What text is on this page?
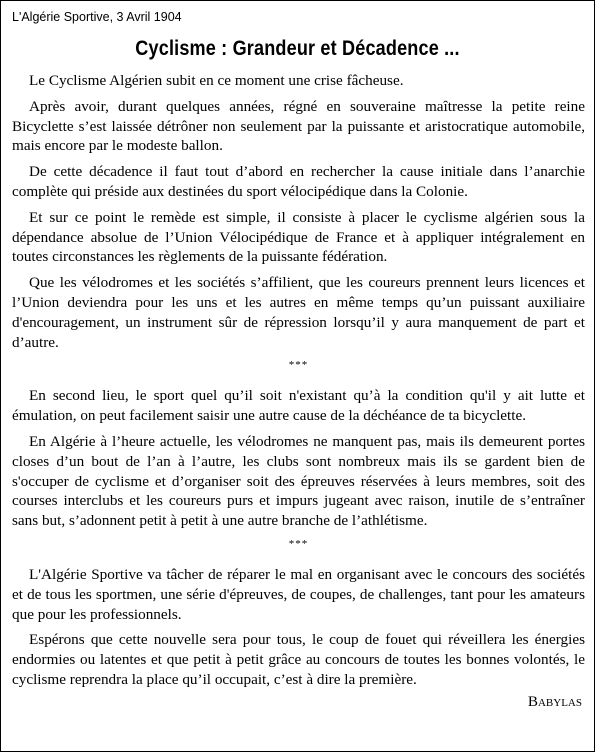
L'Algérie Sportive, 3 Avril 1904
Cyclisme : Grandeur et Décadence ...

Le Cyclisme Algérien subit en ce moment une crise fâcheuse.

Après avoir, durant quelques années, régné en souveraine maîtresse la petite reine Bicyclette s’est laissée détrôner non seulement par la puissante et aristocratique automobile, mais encore par le modeste ballon.

De cette décadence il faut tout d’abord en rechercher la cause initiale dans l’anarchie complète qui préside aux destinées du sport vélocipédique dans la Colonie.

Et sur ce point le remède est simple, il consiste à placer le cyclisme algérien sous la dépendance absolue de l’Union Vélocipédique de France et à appliquer intégralement en toutes circonstances les règlements de la puissante fédération.

Que les vélodromes et les sociétés s’affilient, que les coureurs prennent leurs licences et l’Union deviendra pour les uns et les autres en même temps qu’un puissant auxiliaire d'encouragement, un instrument sûr de répression lorsqu’il y aura manquement de part et d’autre.

***

En second lieu, le sport quel qu’il soit n'existant qu’à la condition qu'il y ait lutte et émulation, on peut facilement saisir une autre cause de la déchéance de ta bicyclette.

En Algérie à l’heure actuelle, les vélodromes ne manquent pas, mais ils demeurent portes closes d’un bout de l’an à l’autre, les clubs sont nombreux mais ils se gardent bien de s'occuper de cyclisme et d’organiser soit des épreuves réservées à leurs membres, soit des courses interclubs et les coureurs purs et impurs jugeant avec raison, inutile de s’entraîner sans but, s’adonnent petit à petit à une autre branche de l’athlétisme.

***

L'Algérie Sportive va tâcher de réparer le mal en organisant avec le concours des sociétés et de tous les sportmen, une série d'épreuves, de coupes, de challenges, tant pour les amateurs que pour les professionnels.

Espérons que cette nouvelle sera pour tous, le coup de fouet qui réveillera les énergies endormies ou latentes et que petit à petit grâce au concours de toutes les bonnes volontés, le cyclisme reprendra la place qu’il occupait, c’est à dire la première.

Babylas
